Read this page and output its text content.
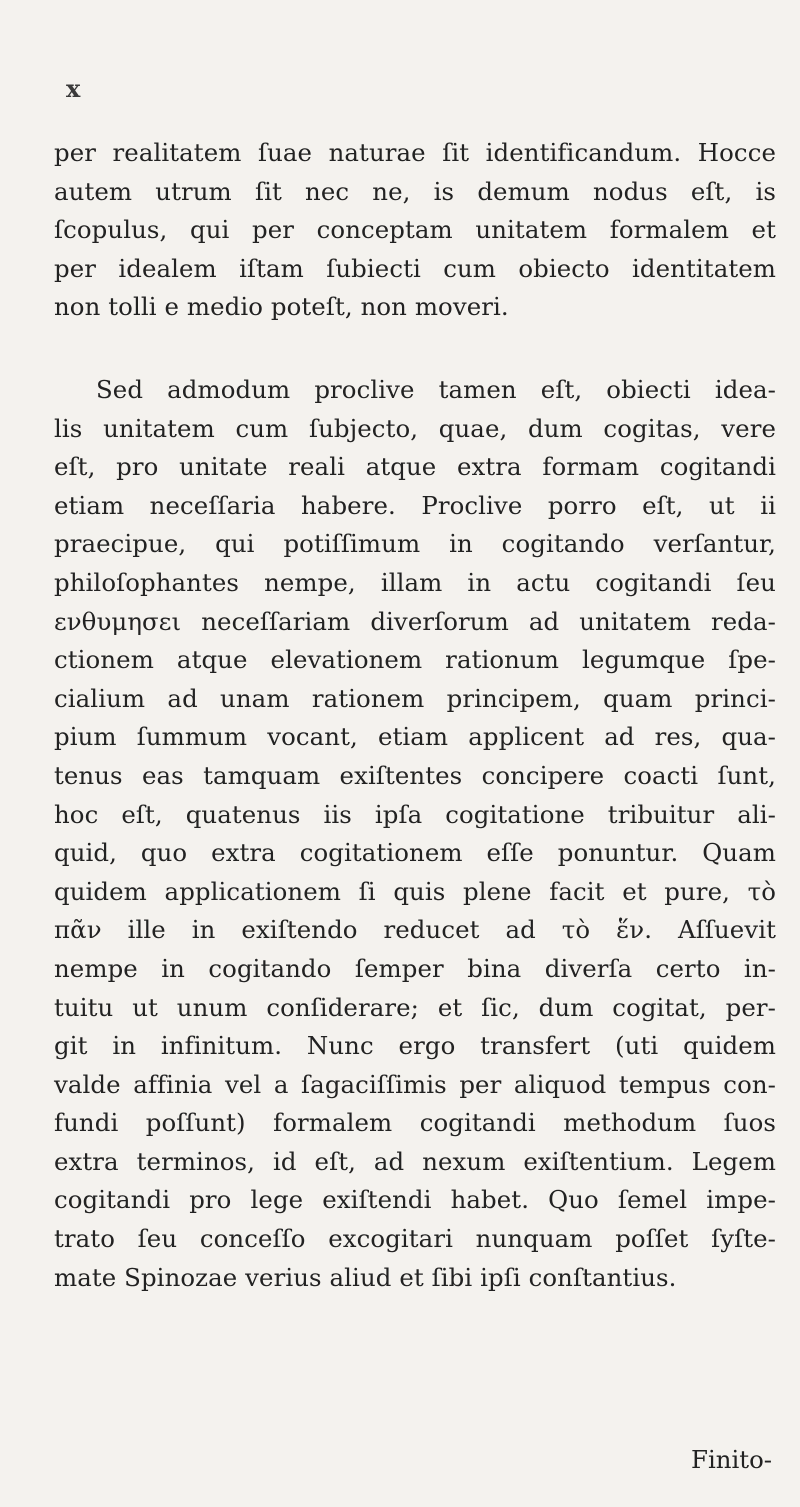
x
per realitatem ſuae naturae ſit identificandum. Hocce
autem utrum ſit nec ne, is demum nodus eſt, is
ſcopulus, qui per conceptam unitatem formalem et
per idealem iſtam ſubiecti cum obiecto identitatem
non tolli e medio poteſt, non moveri.
Sed admodum proclive tamen eſt, obiecti idea-
lis unitatem cum ſubjecto, quae, dum cogitas, vere
eſt, pro unitate reali atque extra formam cogitandi
etiam neceſſaria habere. Proclive porro eſt, ut ii
praecipue, qui potiſſimum in cogitando verſantur,
philoſophantes nempe, illam in actu cogitandi ſeu
ενθυμησει neceſſariam diverſorum ad unitatem reda-
ctionem atque elevationem rationum legumque ſpe-
cialium ad unam rationem principem, quam princi-
pium ſummum vocant, etiam applicent ad res, qua-
tenus eas tamquam exiſtentes concipere coacti ſunt,
hoc eſt, quatenus iis ipſa cogitatione tribuitur ali-
quid, quo extra cogitationem eſſe ponuntur. Quam
quidem applicationem ſi quis plene facit et pure, τὸ
πᾶν ille in exiſtendo reducet ad τὸ ἕν. Aſſuevit
nempe in cogitando ſemper bina diverſa certo in-
tuitu ut unum conſiderare; et ſic, dum cogitat, per-
git in infinitum. Nunc ergo transfert (uti quidem
valde affinia vel a ſagaciſſimis per aliquod tempus con-
fundi poſſunt) formalem cogitandi methodum ſuos
extra terminos, id eſt, ad nexum exiſtentium. Legem
cogitandi pro lege exiſtendi habet. Quo ſemel impe-
trato ſeu conceſſo excogitari nunquam poſſet ſyſte-
mate Spinozae verius aliud et ſibi ipſi conſtantius.
Finito-
